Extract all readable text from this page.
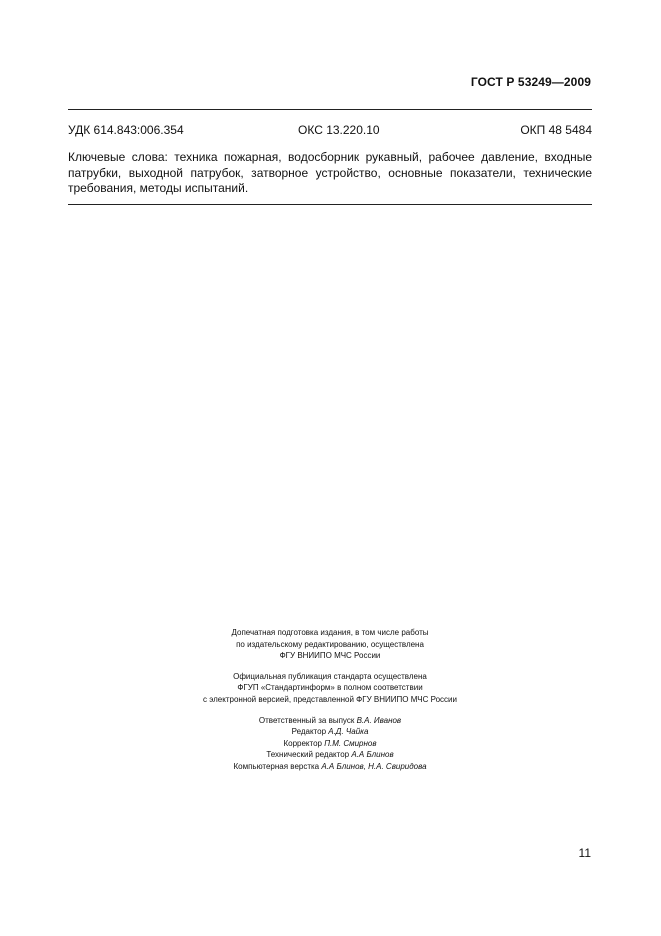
ГОСТ Р 53249—2009
УДК 614.843:006.354	ОКС 13.220.10	ОКП 48 5484
Ключевые слова: техника пожарная, водосборник рукавный, рабочее давление, входные патрубки, выходной патрубок, затворное устройство, основные показатели, технические требования, методы испытаний.
Допечатная подготовка издания, в том числе работы
по издательскому редактированию, осуществлена
ФГУ ВНИИПО МЧС России
Официальная публикация стандарта осуществлена
ФГУП «Стандартинформ» в полном соответствии
с электронной версией, представленной ФГУ ВНИИПО МЧС России
Ответственный за выпуск В.А. Иванов
Редактор А.Д. Чайка
Корректор П.М. Смирнов
Технический редактор А.А Блинов
Компьютерная верстка А.А Блинов, Н.А. Свиридова
11
